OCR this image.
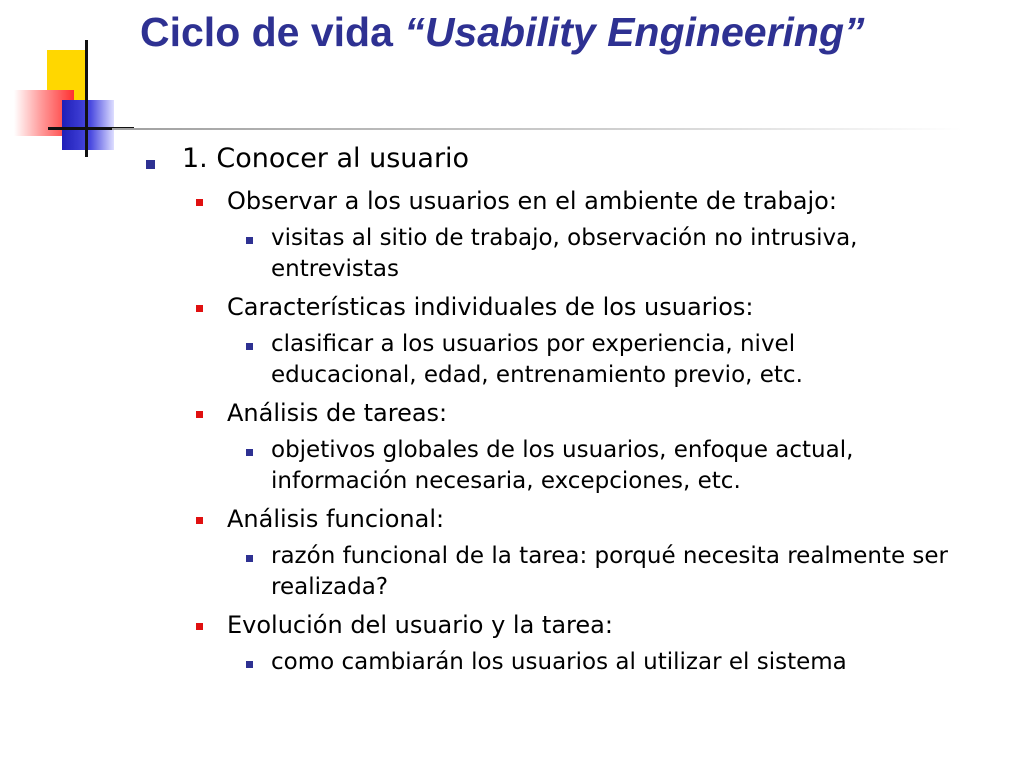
Ciclo de vida “Usability Engineering”
1. Conocer al usuario
Observar a los usuarios en el ambiente de trabajo:
visitas al sitio de trabajo, observación no intrusiva, entrevistas
Características individuales de los usuarios:
clasificar a los usuarios por experiencia, nivel educacional, edad, entrenamiento previo, etc.
Análisis de tareas:
objetivos globales de los usuarios, enfoque actual, información necesaria, excepciones, etc.
Análisis funcional:
razón funcional de la tarea: porqué necesita realmente ser realizada?
Evolución del usuario y la tarea:
como cambiarán los usuarios al utilizar el sistema
